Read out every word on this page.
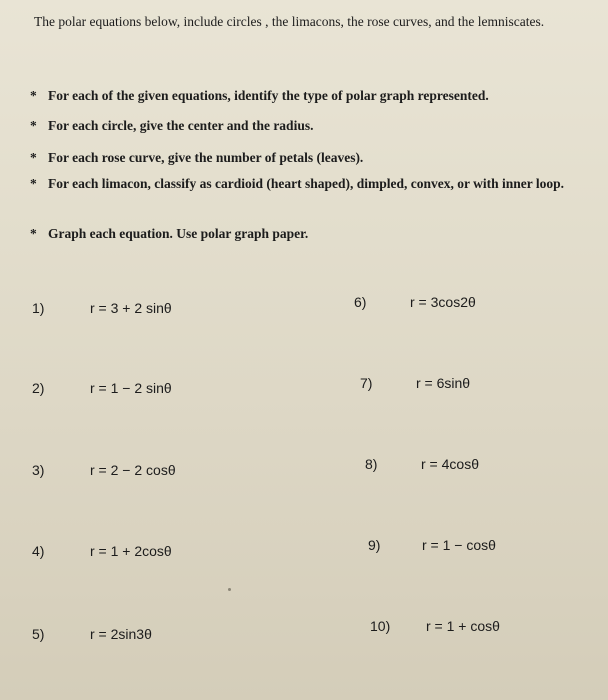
The polar equations below, include circles , the limacons, the rose curves, and the lemniscates.
* For each of the given equations, identify the type of polar graph represented.
* For each circle, give the center and the radius.
* For each rose curve, give the number of petals (leaves).
* For each limacon, classify as cardioid (heart shaped), dimpled, convex, or with inner loop.
* Graph each equation. Use polar graph paper.
1)	r = 3 + 2 sinθ
2)	r = 1 − 2 sinθ
3)	r = 2 − 2 cosθ
4)	r = 1 + 2cosθ
5)	r = 2sin3θ
6)	r = 3cos2θ
7)	r = 6sinθ
8)	r = 4cosθ
9)	r = 1 − cosθ
10)	r = 1 + cosθ
